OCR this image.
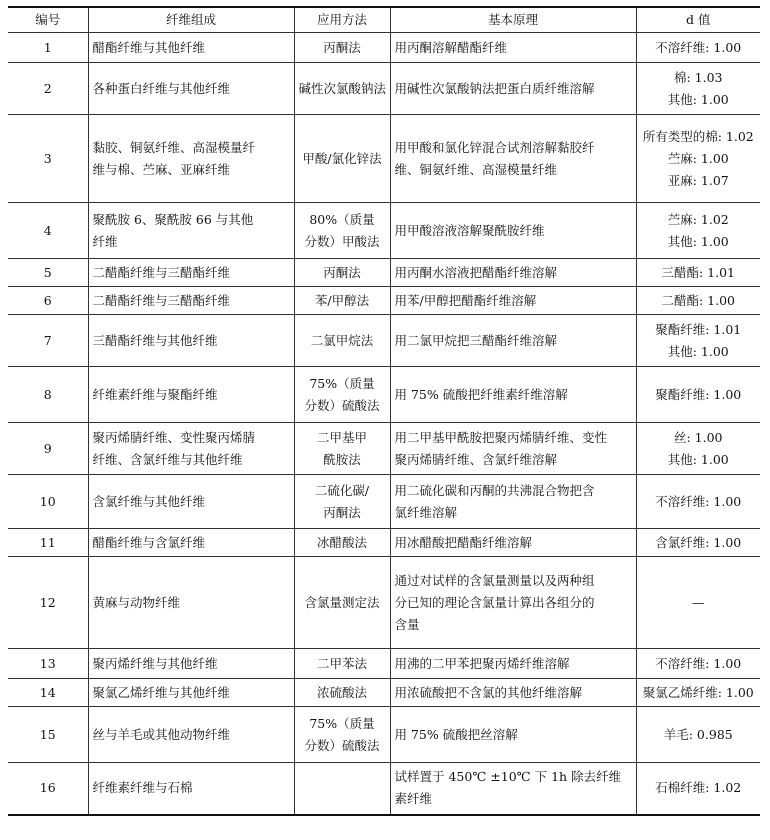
编号	纤维组成	应用方法	基本原理	d 值
1	醋酯纤维与其他纤维	丙酮法	用丙酮溶解醋酯纤维	不溶纤维: 1.00

2	各种蛋白纤维与其他纤维	碱性次氯酸钠法	用碱性次氯酸钠法把蛋白质纤维溶解	棉: 1.03
其他: 1.00

3	黏胶、铜氨纤维、高湿模量纤
维与棉、苎麻、亚麻纤维	甲酸/氯化锌法	用甲酸和氯化锌混合试剂溶解黏胶纤
维、铜氨纤维、高湿模量纤维	所有类型的棉: 1.02
苎麻: 1.00
亚麻: 1.07

4	聚酰胺 6、聚酰胺 66 与其他
纤维	80%（质量
分数）甲酸法	用甲酸溶液溶解聚酰胺纤维	苎麻: 1.02
其他: 1.00

5	二醋酯纤维与三醋酯纤维	丙酮法	用丙酮水溶液把醋酯纤维溶解	三醋酯: 1.01

6	二醋酯纤维与三醋酯纤维	苯/甲醇法	用苯/甲醇把醋酯纤维溶解	二醋酯: 1.00

7	三醋酯纤维与其他纤维	二氯甲烷法	用二氯甲烷把三醋酯纤维溶解	聚酯纤维: 1.01
其他: 1.00

8	纤维素纤维与聚酯纤维	75%（质量
分数）硫酸法	用 75% 硫酸把纤维素纤维溶解	聚酯纤维: 1.00

9	聚丙烯腈纤维、变性聚丙烯腈
纤维、含氯纤维与其他纤维	二甲基甲
酰胺法	用二甲基甲酰胺把聚丙烯腈纤维、变性
聚丙烯腈纤维、含氯纤维溶解	丝: 1.00
其他: 1.00

10	含氯纤维与其他纤维	二硫化碳/
丙酮法	用二硫化碳和丙酮的共沸混合物把含
氯纤维溶解	不溶纤维: 1.00

11	醋酯纤维与含氯纤维	冰醋酸法	用冰醋酸把醋酯纤维溶解	含氯纤维: 1.00

12	黄麻与动物纤维	含氯量测定法	通过对试样的含氯量测量以及两种组
分已知的理论含氯量计算出各组分的
含量	—

13	聚丙烯纤维与其他纤维	二甲苯法	用沸的二甲苯把聚丙烯纤维溶解	不溶纤维: 1.00

14	聚氯乙烯纤维与其他纤维	浓硫酸法	用浓硫酸把不含氯的其他纤维溶解	聚氯乙烯纤维: 1.00

15	丝与羊毛或其他动物纤维	75%（质量
分数）硫酸法	用 75% 硫酸把丝溶解	羊毛: 0.985

16	纤维素纤维与石棉		试样置于 450℃ ±10℃ 下 1h 除去纤维
素纤维	石棉纤维: 1.02
